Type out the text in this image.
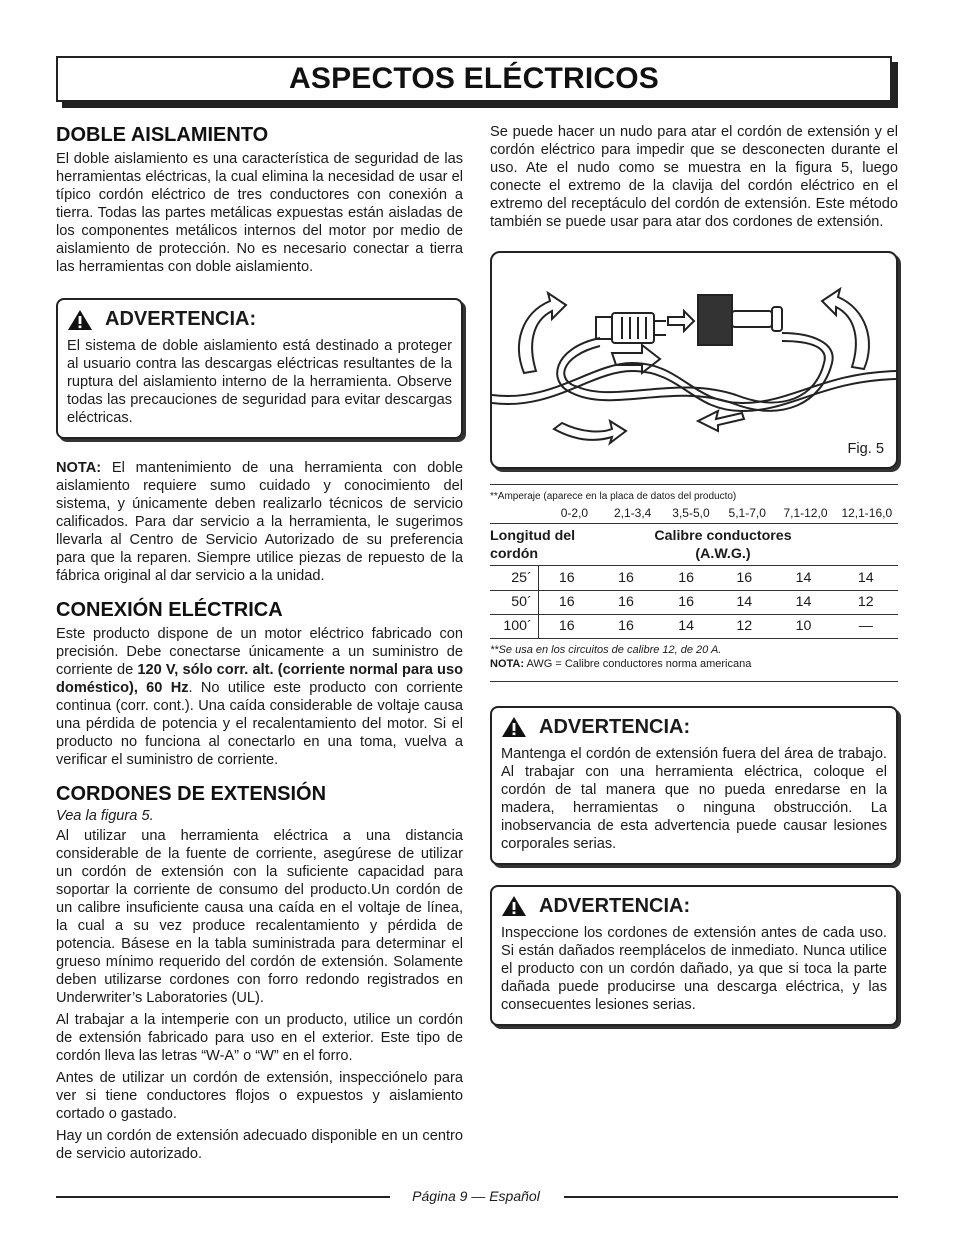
ASPECTOS ELÉCTRICOS
DOBLE AISLAMIENTO

El doble aislamiento es una característica de seguridad de las herramientas eléctricas, la cual elimina la necesidad de usar el típico cordón eléctrico de tres conductores con conexión a tierra. Todas las partes metálicas expuestas están aisladas de los componentes metálicos internos del motor por medio de aislamiento de protección. No es necesario conectar a tierra las herramientas con doble aislamiento.

ADVERTENCIA:

El sistema de doble aislamiento está destinado a proteger al usuario contra las descargas eléctricas resultantes de la ruptura del aislamiento interno de la herramienta. Observe todas las precauciones de seguridad para evitar descargas eléctricas.

NOTA: El mantenimiento de una herramienta con doble aislamiento requiere sumo cuidado y conocimiento del sistema, y únicamente deben realizarlo técnicos de servicio calificados. Para dar servicio a la herramienta, le sugerimos llevarla al Centro de Servicio Autorizado de su preferencia para que la reparen. Siempre utilice piezas de repuesto de la fábrica original al dar servicio a la unidad.

CONEXIÓN ELÉCTRICA

Este producto dispone de un motor eléctrico fabricado con precisión. Debe conectarse únicamente a un suministro de corriente de 120 V, sólo corr. alt. (corriente normal para uso doméstico), 60 Hz. No utilice este producto con corriente continua (corr. cont.). Una caída considerable de voltaje causa una pérdida de potencia y el recalentamiento del motor. Si el producto no funciona al conectarlo en una toma, vuelva a verificar el suministro de corriente.

CORDONES DE EXTENSIÓN

Vea la figura 5.

Al utilizar una herramienta eléctrica a una distancia considerable de la fuente de corriente, asegúrese de utilizar un cordón de extensión con la suficiente capacidad para soportar la corriente de consumo del producto.Un cordón de un calibre insuficiente causa una caída en el voltaje de línea, la cual a su vez produce recalentamiento y pérdida de potencia. Básese en la tabla suministrada para determinar el grueso mínimo requerido del cordón de extensión. Solamente deben utilizarse cordones con forro redondo registrados en Underwriter’s Laboratories (UL).

Al trabajar a la intemperie con un producto, utilice un cordón de extensión fabricado para uso en el exterior. Este tipo de cordón lleva las letras “W-A” o “W” en el forro.

Antes de utilizar un cordón de extensión, inspecciónelo para ver si tiene conductores flojos o expuestos y aislamiento cortado o gastado.

Hay un cordón de extensión adecuado disponible en un centro de servicio autorizado.

Se puede hacer un nudo para atar el cordón de extensión y el cordón eléctrico para impedir que se desconecten durante el uso. Ate el nudo como se muestra en la figura 5, luego conecte el extremo de la clavija del cordón eléctrico en el extremo del receptáculo del cordón de extensión. Este método también se puede usar para atar dos cordones de extensión.

Fig. 5
**Amperaje (aparece en la placa de datos del producto)
	0-2,0	2,1-3,4	3,5-5,0	5,1-7,0	7,1-12,0	12,1-16,0
Longitud del
cordón
Calibre conductores
(A.W.G.)
25´	16	16	16	16	14	14
50´	16	16	16	14	14	12
100´	16	16	14	12	10	—
**Se usa en los circuitos de calibre 12, de 20 A.
NOTA: AWG = Calibre conductores norma americana
ADVERTENCIA:

Mantenga el cordón de extensión fuera del área de trabajo. Al trabajar con una herramienta eléctrica, coloque el cordón de tal manera que no pueda enredarse en la madera, herramientas o ninguna obstrucción. La inobservancia de esta advertencia puede causar lesiones corporales serias.

ADVERTENCIA:

Inspeccione los cordones de extensión antes de cada uso. Si están dañados reemplácelos de inmediato. Nunca utilice el producto con un cordón dañado, ya que si toca la parte dañada puede producirse una descarga eléctrica, y las consecuentes lesiones serias.

Página 9 — Español
